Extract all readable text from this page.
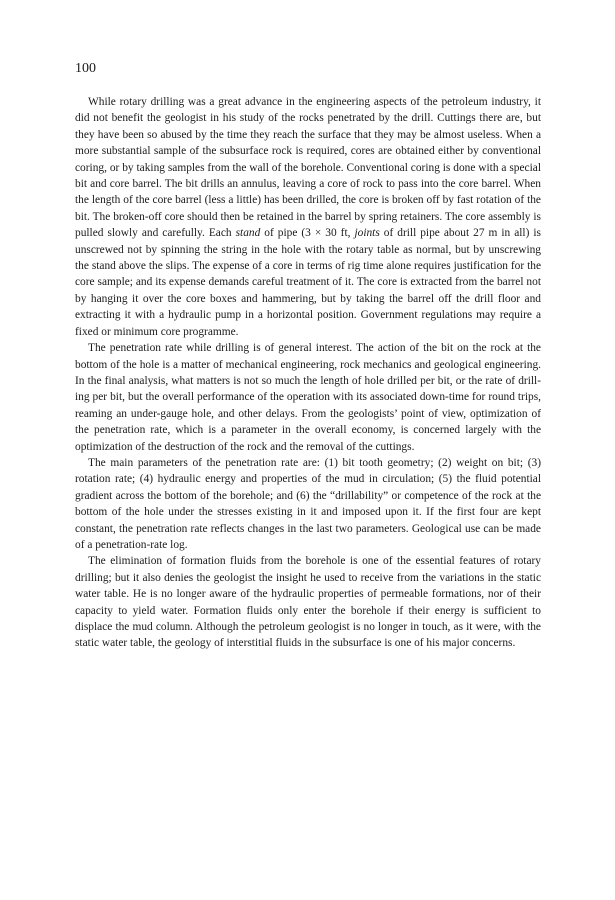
100

While rotary drilling was a great advance in the engineering aspects of the petroleum industry, it did not benefit the geologist in his study of the rocks penetrated by the drill. Cuttings there are, but they have been so abused by the time they reach the surface that they may be almost useless. When a more substantial sample of the subsurface rock is required, cores are obtained either by conventional coring, or by taking samples from the wall of the borehole. Conventional coring is done with a special bit and core barrel. The bit drills an annulus, leaving a core of rock to pass into the core barrel. When the length of the core barrel (less a little) has been drilled, the core is broken off by fast rotation of the bit. The broken-off core should then be retained in the barrel by spring retainers. The core assembly is pulled slowly and carefully. Each stand of pipe (3 × 30 ft, joints of drill pipe about 27 m in all) is unscrewed not by spinning the string in the hole with the rotary table as normal, but by unscrewing the stand above the slips. The expense of a core in terms of rig time alone requires justification for the core sample; and its expense demands careful treatment of it. The core is extracted from the barrel not by hanging it over the core boxes and hammering, but by taking the barrel off the drill floor and extracting it with a hydraulic pump in a horizontal position. Government regulations may require a fixed or minimum core programme.

The penetration rate while drilling is of general interest. The action of the bit on the rock at the bottom of the hole is a matter of mechanical engineering, rock mechanics and geological engineering. In the final analysis, what matters is not so much the length of hole drilled per bit, or the rate of drilling per bit, but the overall performance of the operation with its associated down-time for round trips, reaming an under-gauge hole, and other delays. From the geologists’ point of view, optimization of the penetration rate, which is a parameter in the overall economy, is concerned largely with the optimization of the destruction of the rock and the removal of the cuttings.

The main parameters of the penetration rate are: (1) bit tooth geometry; (2) weight on bit; (3) rotation rate; (4) hydraulic energy and properties of the mud in circulation; (5) the fluid potential gradient across the bottom of the borehole; and (6) the “drillability” or competence of the rock at the bottom of the hole under the stresses existing in it and imposed upon it. If the first four are kept constant, the penetration rate reflects changes in the last two parameters. Geological use can be made of a penetration-rate log.

The elimination of formation fluids from the borehole is one of the essential features of rotary drilling; but it also denies the geologist the insight he used to receive from the variations in the static water table. He is no longer aware of the hydraulic properties of permeable formations, nor of their capacity to yield water. Formation fluids only enter the borehole if their energy is sufficient to displace the mud column. Although the petroleum geologist is no longer in touch, as it were, with the static water table, the geology of interstitial fluids in the subsurface is one of his major concerns.
